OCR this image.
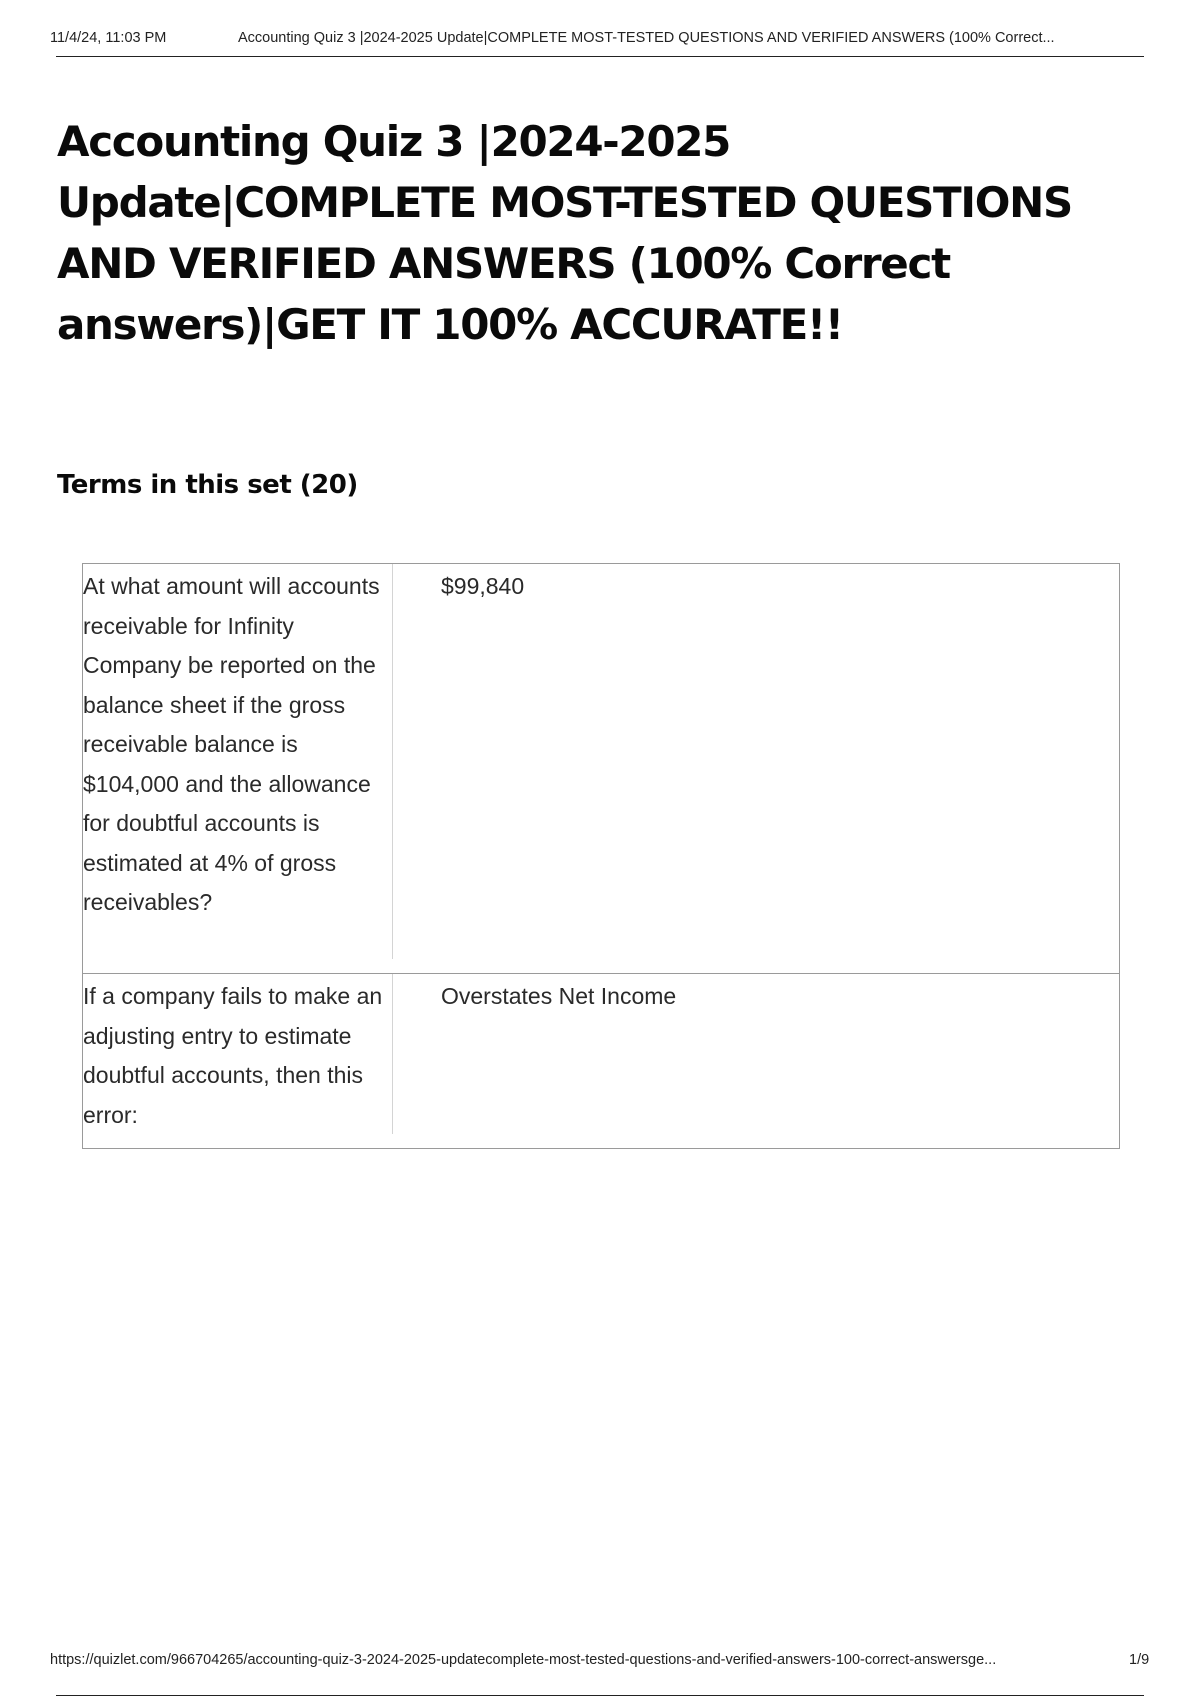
11/4/24, 11:03 PM	Accounting Quiz 3 |2024-2025 Update|COMPLETE MOST-TESTED QUESTIONS AND VERIFIED ANSWERS (100% Correct...
Accounting Quiz 3 |2024-2025 Update|COMPLETE MOST-TESTED QUESTIONS AND VERIFIED ANSWERS (100% Correct answers)|GET IT 100% ACCURATE!!
Terms in this set (20)
At what amount will accounts receivable for Infinity Company be reported on the balance sheet if the gross receivable balance is $104,000 and the allowance for doubtful accounts is estimated at 4% of gross receivables?
$99,840
If a company fails to make an adjusting entry to estimate doubtful accounts, then this error:
Overstates Net Income
https://quizlet.com/966704265/accounting-quiz-3-2024-2025-updatecomplete-most-tested-questions-and-verified-answers-100-correct-answersge...	1/9
